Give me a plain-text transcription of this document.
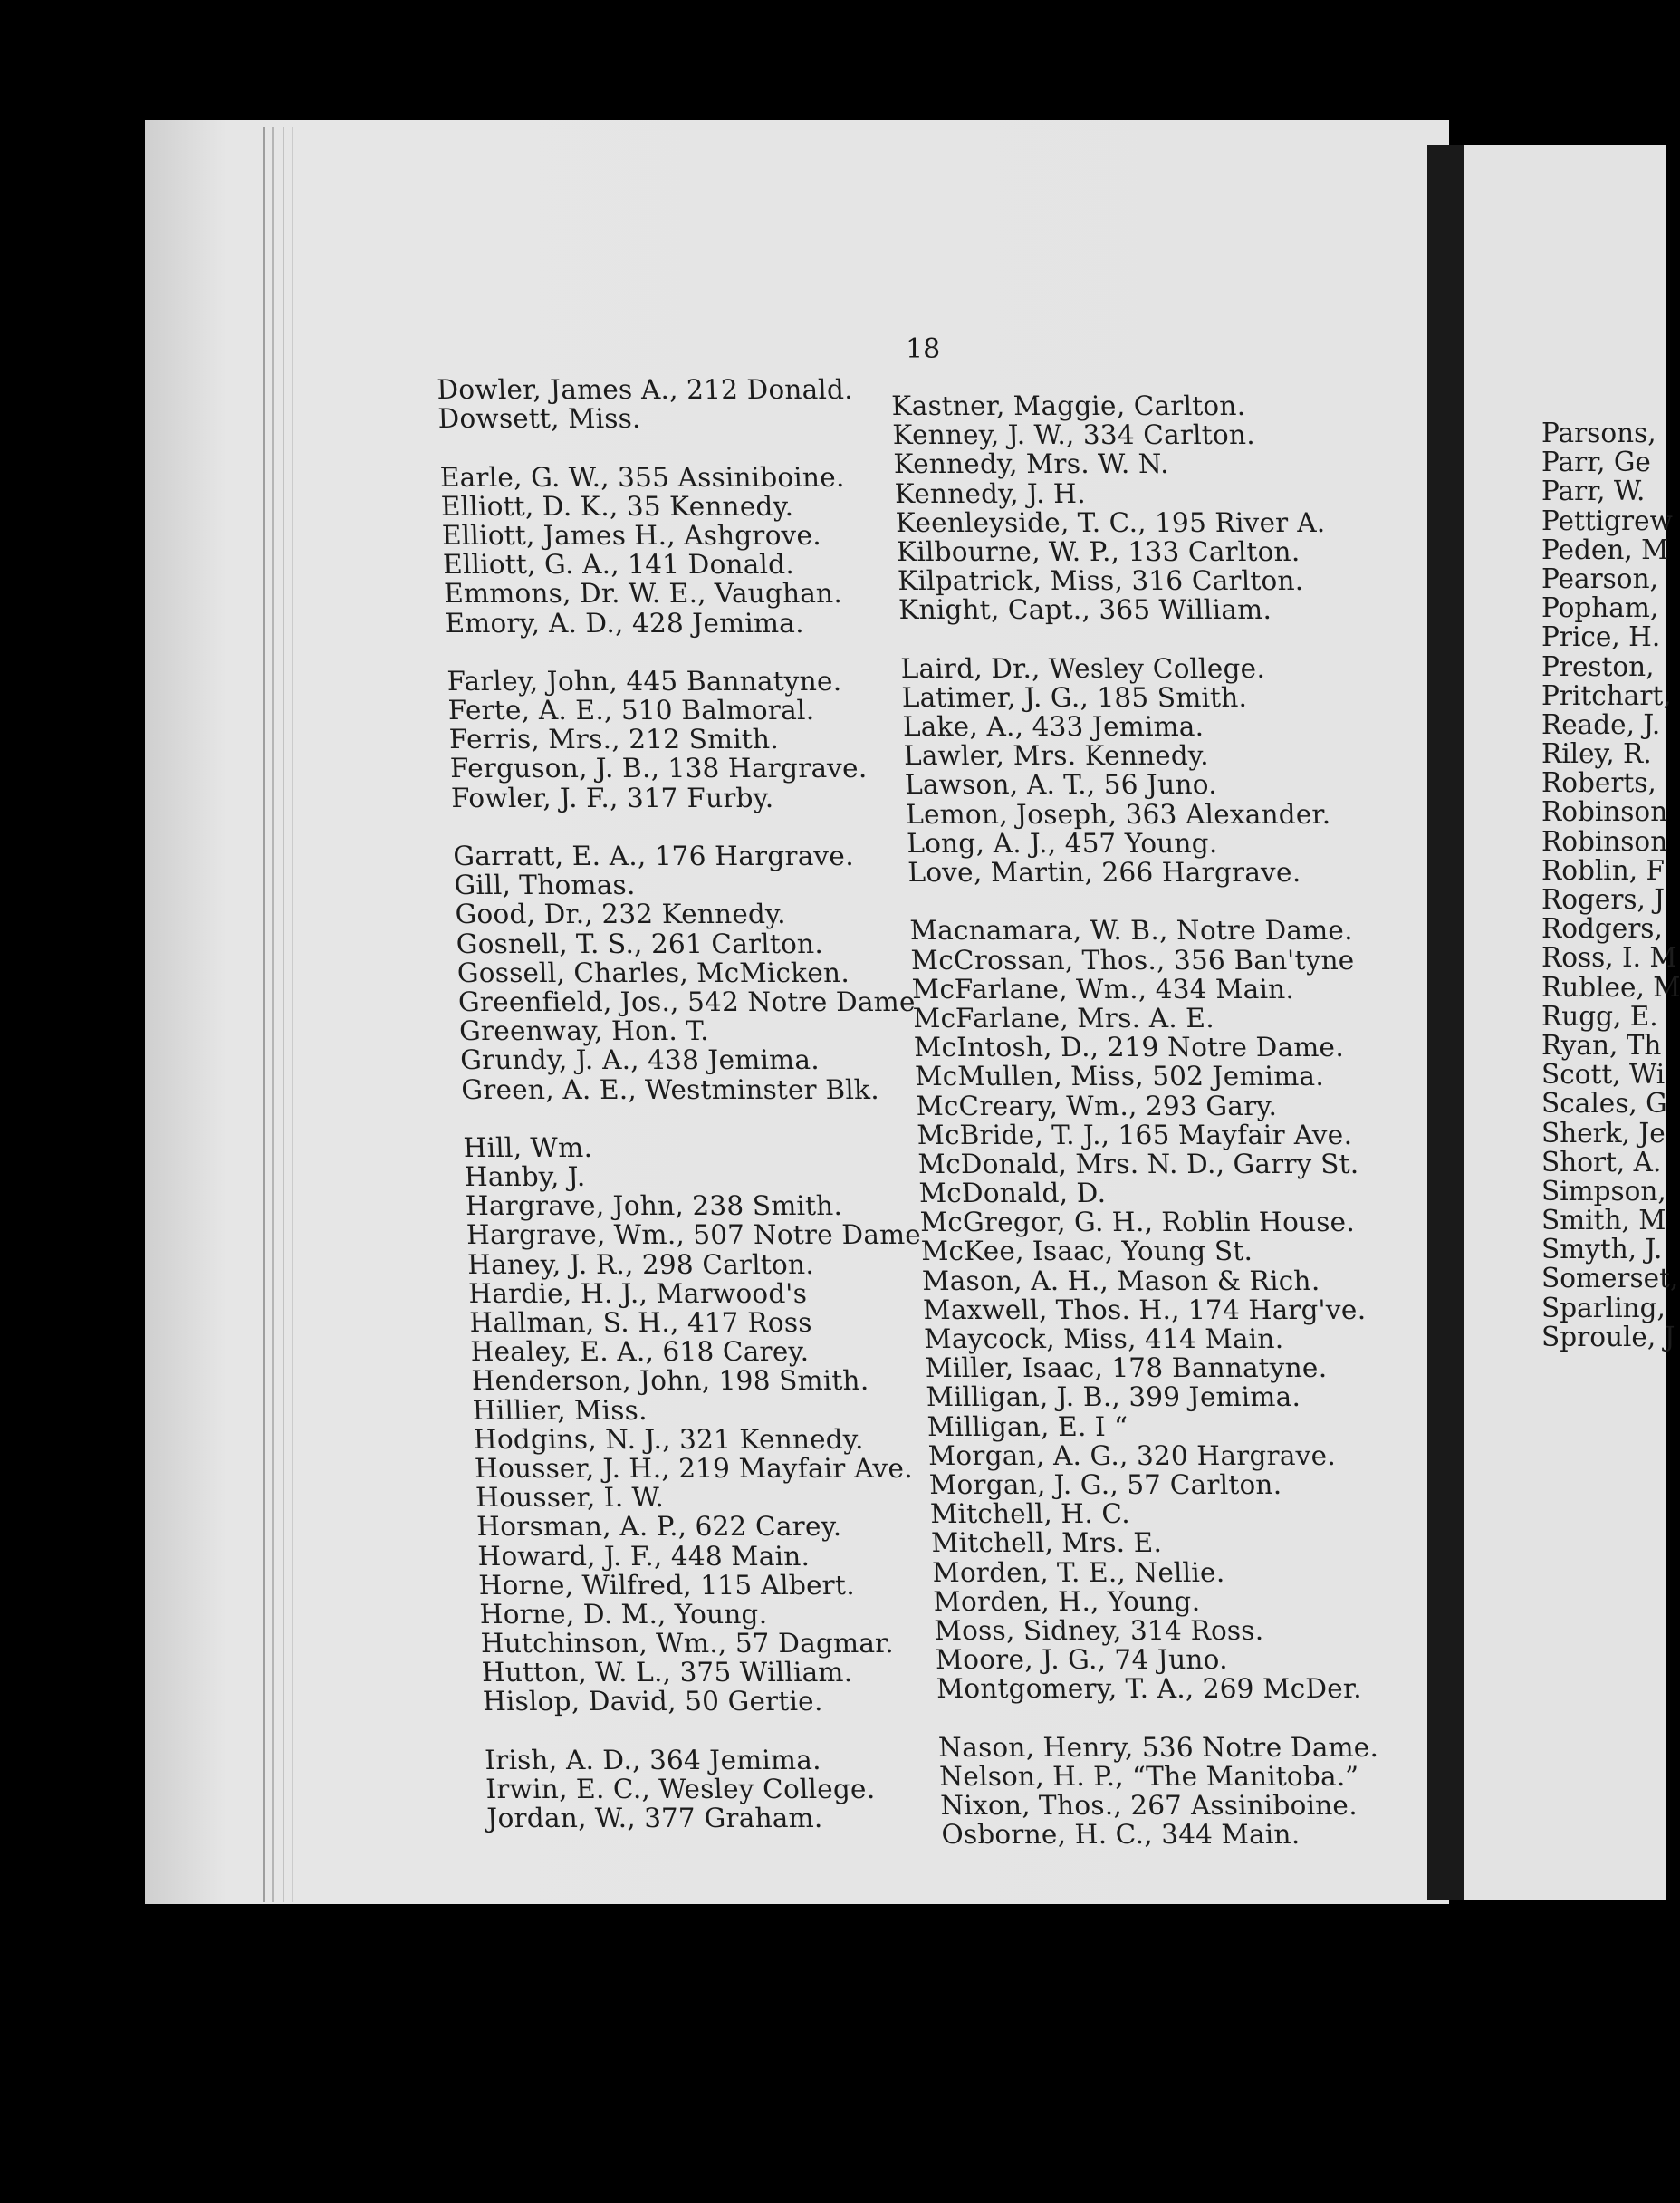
18
Dowler, James A., 212 Donald.
Dowsett, Miss.
Earle, G. W., 355 Assiniboine.
Elliott, D. K., 35 Kennedy.
Elliott, James H., Ashgrove.
Elliott, G. A., 141 Donald.
Emmons, Dr. W. E., Vaughan.
Emory, A. D., 428 Jemima.
Farley, John, 445 Bannatyne.
Ferte, A. E., 510 Balmoral.
Ferris, Mrs., 212 Smith.
Ferguson, J. B., 138 Hargrave.
Fowler, J. F., 317 Furby.
Garratt, E. A., 176 Hargrave.
Gill, Thomas.
Good, Dr., 232 Kennedy.
Gosnell, T. S., 261 Carlton.
Gossell, Charles, McMicken.
Greenfield, Jos., 542 Notre Dame
Greenway, Hon. T.
Grundy, J. A., 438 Jemima.
Green, A. E., Westminster Blk.
Hill, Wm.
Hanby, J.
Hargrave, John, 238 Smith.
Hargrave, Wm., 507 Notre Dame
Haney, J. R., 298 Carlton.
Hardie, H. J., Marwood's
Hallman, S. H., 417 Ross
Healey, E. A., 618 Carey.
Henderson, John, 198 Smith.
Hillier, Miss.
Hodgins, N. J., 321 Kennedy.
Housser, J. H., 219 Mayfair Ave.
Housser, I. W.
Horsman, A. P., 622 Carey.
Howard, J. F., 448 Main.
Horne, Wilfred, 115 Albert.
Horne, D. M., Young.
Hutchinson, Wm., 57 Dagmar.
Hutton, W. L., 375 William.
Hislop, David, 50 Gertie.
Irish, A. D., 364 Jemima.
Irwin, E. C., Wesley College.
Jordan, W., 377 Graham.
Kastner, Maggie, Carlton.
Kenney, J. W., 334 Carlton.
Kennedy, Mrs. W. N.
Kennedy, J. H.
Keenleyside, T. C., 195 River A.
Kilbourne, W. P., 133 Carlton.
Kilpatrick, Miss, 316 Carlton.
Knight, Capt., 365 William.
Laird, Dr., Wesley College.
Latimer, J. G., 185 Smith.
Lake, A., 433 Jemima.
Lawler, Mrs. Kennedy.
Lawson, A. T., 56 Juno.
Lemon, Joseph, 363 Alexander.
Long, A. J., 457 Young.
Love, Martin, 266 Hargrave.
Macnamara, W. B., Notre Dame.
McCrossan, Thos., 356 Ban'tyne
McFarlane, Wm., 434 Main.
McFarlane, Mrs. A. E.
McIntosh, D., 219 Notre Dame.
McMullen, Miss, 502 Jemima.
McCreary, Wm., 293 Gary.
McBride, T. J., 165 Mayfair Ave.
McDonald, Mrs. N. D., Garry St.
McDonald, D.
McGregor, G. H., Roblin House.
McKee, Isaac, Young St.
Mason, A. H., Mason & Rich.
Maxwell, Thos. H., 174 Harg've.
Maycock, Miss, 414 Main.
Miller, Isaac, 178 Bannatyne.
Milligan, J. B., 399 Jemima.
Milligan, E. I “
Morgan, A. G., 320 Hargrave.
Morgan, J. G., 57 Carlton.
Mitchell, H. C.
Mitchell, Mrs. E.
Morden, T. E., Nellie.
Morden, H., Young.
Moss, Sidney, 314 Ross.
Moore, J. G., 74 Juno.
Montgomery, T. A., 269 McDer.
Nason, Henry, 536 Notre Dame.
Nelson, H. P., “The Manitoba.”
Nixon, Thos., 267 Assiniboine.
Osborne, H. C., 344 Main.
Parsons,
Parr, Ge
Parr, W.
Pettigrew
Peden, M
Pearson,
Popham,
Price, H.
Preston,
Pritchart,
Reade, J.
Riley, R.
Roberts,
Robinson
Robinson
Roblin, F
Rogers, J
Rodgers,
Ross, I. M
Rublee, M
Rugg, E.
Ryan, Th
Scott, Wi
Scales, G
Sherk, Je
Short, A.
Simpson,
Smith, M
Smyth, J.
Somerset,
Sparling,
Sproule, J
